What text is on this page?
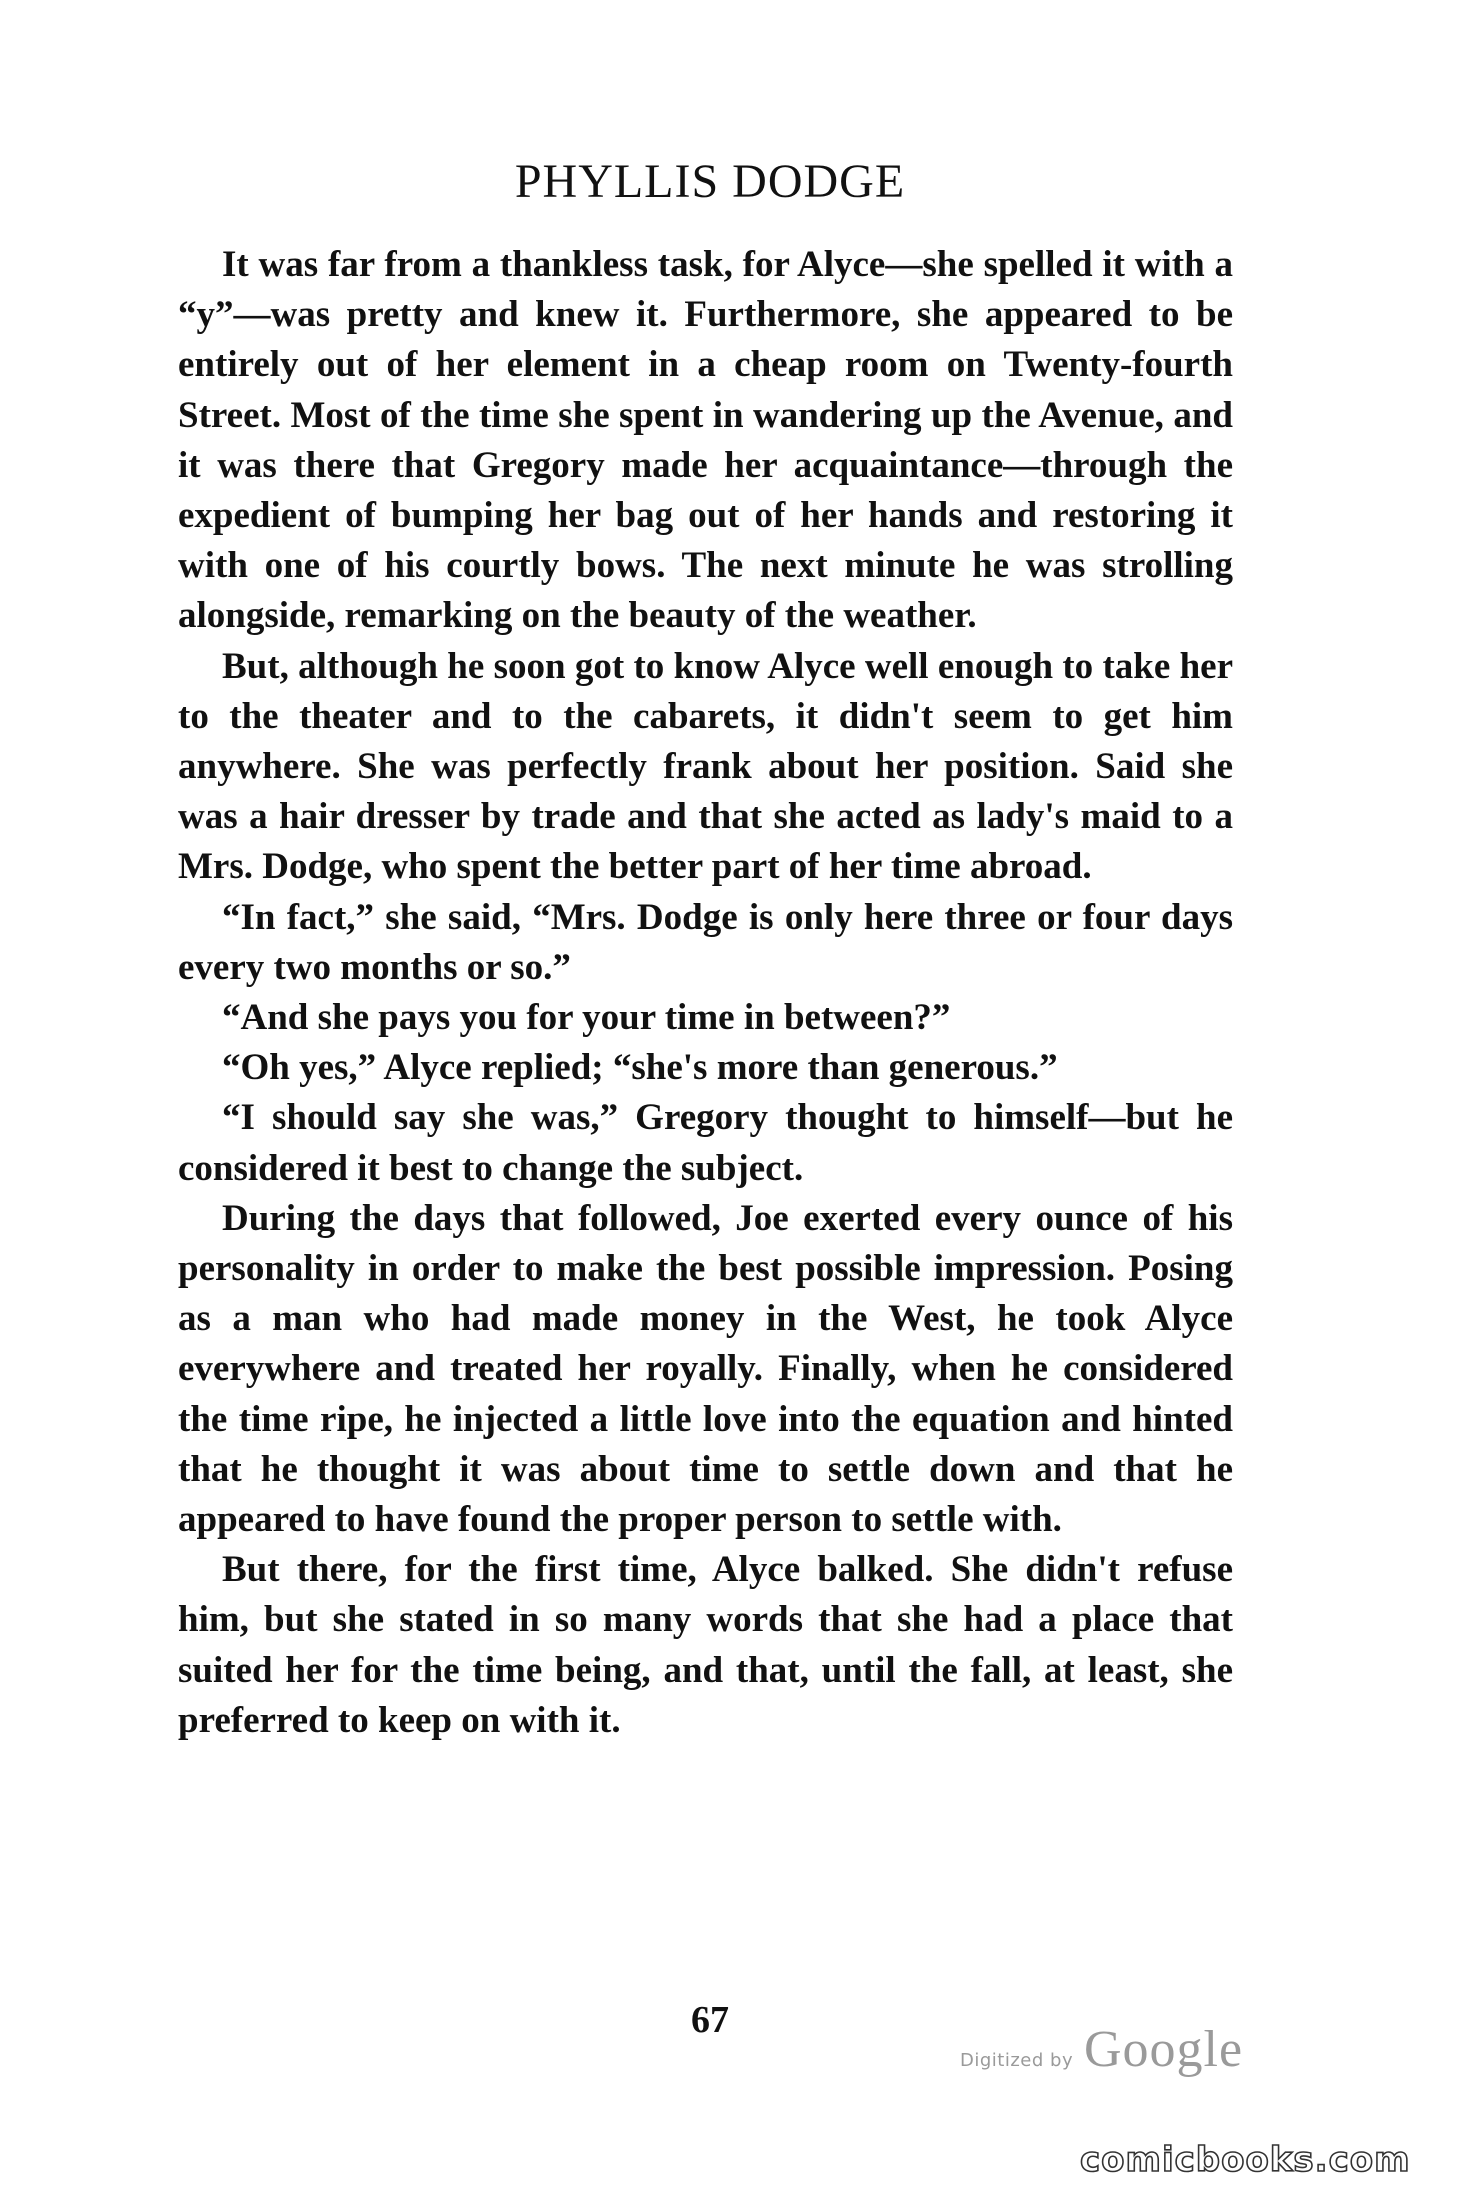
PHYLLIS DODGE

It was far from a thankless task, for Alyce—she spelled it with a “y”—was pretty and knew it. Furthermore, she appeared to be entirely out of her element in a cheap room on Twenty-fourth Street. Most of the time she spent in wandering up the Avenue, and it was there that Gregory made her acquaintance—through the expedient of bumping her bag out of her hands and restoring it with one of his courtly bows. The next minute he was strolling alongside, remarking on the beauty of the weather.

But, although he soon got to know Alyce well enough to take her to the theater and to the cabarets, it didn't seem to get him anywhere. She was perfectly frank about her position. Said she was a hair dresser by trade and that she acted as lady's maid to a Mrs. Dodge, who spent the better part of her time abroad.

“In fact,” she said, “Mrs. Dodge is only here three or four days every two months or so.”

“And she pays you for your time in between?”

“Oh yes,” Alyce replied; “she's more than generous.”

“I should say she was,” Gregory thought to himself—but he considered it best to change the subject.

During the days that followed, Joe exerted every ounce of his personality in order to make the best possible impression. Posing as a man who had made money in the West, he took Alyce everywhere and treated her royally. Finally, when he considered the time ripe, he injected a little love into the equation and hinted that he thought it was about time to settle down and that he appeared to have found the proper person to settle with.

But there, for the first time, Alyce balked. She didn't refuse him, but she stated in so many words that she had a place that suited her for the time being, and that, until the fall, at least, she preferred to keep on with it.

67
Digitized by Google
comicbooks.com
